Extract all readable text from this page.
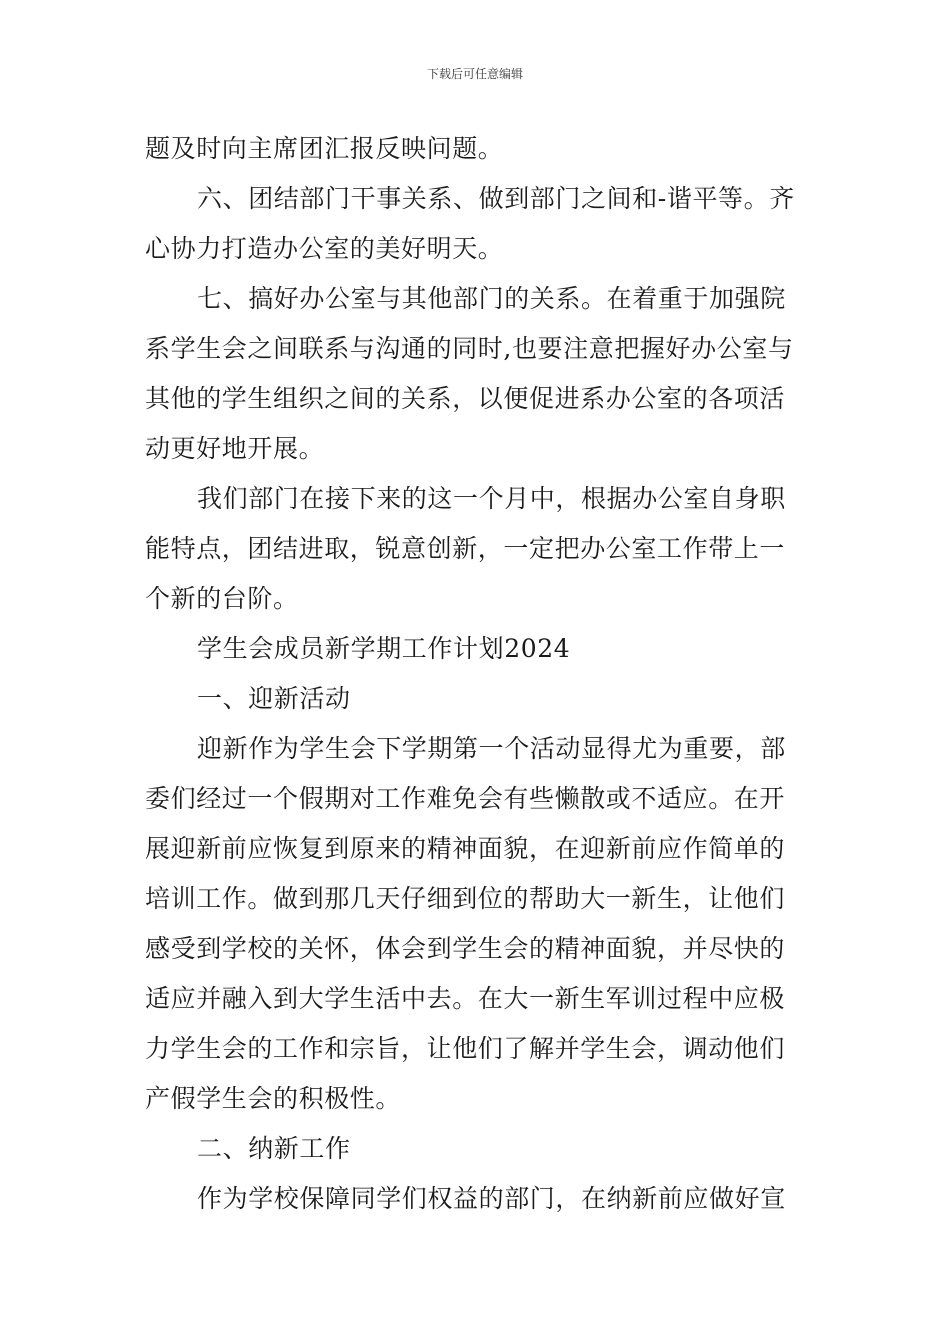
下载后可任意编辑
题及时向主席团汇报反映问题。
六、团结部门干事关系、做到部门之间和-谐平等。齐
心协力打造办公室的美好明天。
七、搞好办公室与其他部门的关系。在着重于加强院
系学生会之间联系与沟通的同时,也要注意把握好办公室与
其他的学生组织之间的关系，以便促进系办公室的各项活
动更好地开展。
我们部门在接下来的这一个月中，根据办公室自身职
能特点，团结进取，锐意创新，一定把办公室工作带上一
个新的台阶。
学生会成员新学期工作计划2024
一、迎新活动
迎新作为学生会下学期第一个活动显得尤为重要，部
委们经过一个假期对工作难免会有些懒散或不适应。在开
展迎新前应恢复到原来的精神面貌，在迎新前应作简单的
培训工作。做到那几天仔细到位的帮助大一新生，让他们
感受到学校的关怀，体会到学生会的精神面貌，并尽快的
适应并融入到大学生活中去。在大一新生军训过程中应极
力学生会的工作和宗旨，让他们了解并学生会，调动他们
产假学生会的积极性。
二、纳新工作
作为学校保障同学们权益的部门，在纳新前应做好宣
